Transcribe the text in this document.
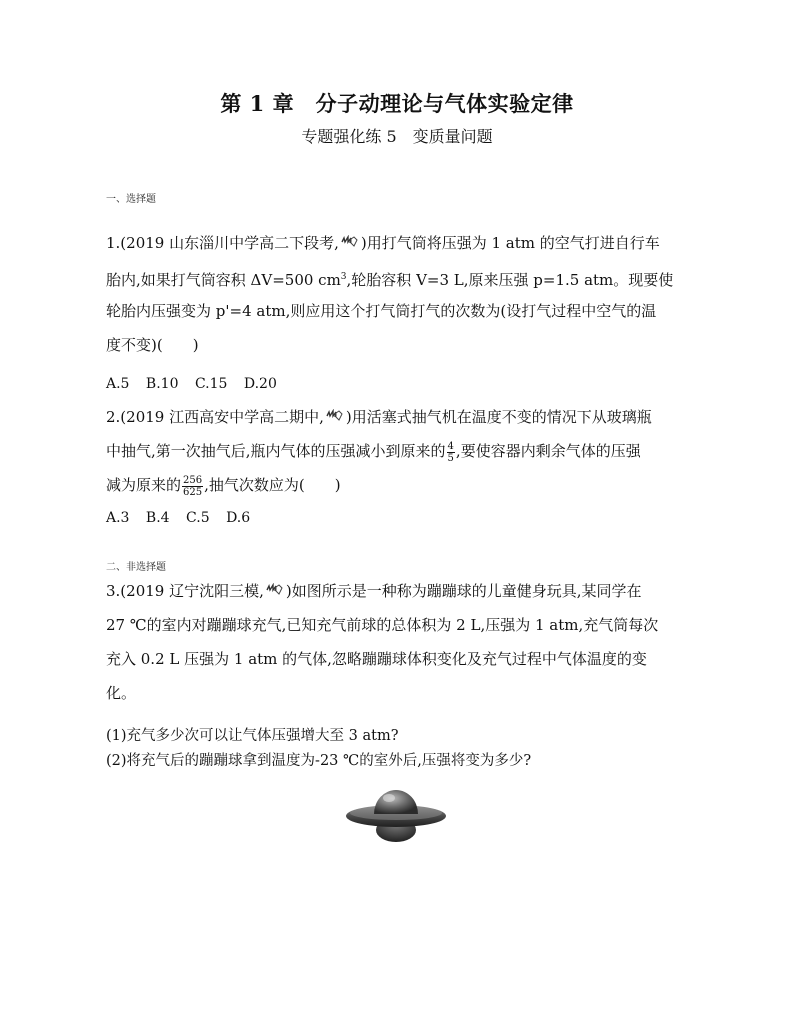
第 1 章　分子动理论与气体实验定律
专题强化练 5　变质量问题
一、选择题
1.(2019 山东淄川中学高二下段考, )用打气筒将压强为 1 atm 的空气打进自行车
胎内,如果打气筒容积 ΔV=500 $cm^3$,轮胎容积 V=3 L,原来压强 p=1.5 atm。现要使
轮胎内压强变为 p'=4 atm,则应用这个打气筒打气的次数为(设打气过程中空气的温
度不变)(　　)
A.5 B.10 C.15 D.20
2.(2019 江西高安中学高二期中, )用活塞式抽气机在温度不变的情况下从玻璃瓶
中抽气,第一次抽气后,瓶内气体的压强减小到原来的 $\frac{4}{5}$ ,要使容器内剩余气体的压强
减为原来的 $\frac{256}{625}$ ,抽气次数应为(　　)
A.3 B.4 C.5 D.6
二、非选择题
3.(2019 辽宁沈阳三模, )如图所示是一种称为蹦蹦球的儿童健身玩具,某同学在
27 ℃的室内对蹦蹦球充气,已知充气前球的总体积为 2 L,压强为 1 atm,充气筒每次
充入 0.2 L 压强为 1 atm 的气体,忽略蹦蹦球体积变化及充气过程中气体温度的变
化。
(1)充气多少次可以让气体压强增大至 3 atm?
(2)将充气后的蹦蹦球拿到温度为-23 ℃的室外后,压强将变为多少?
